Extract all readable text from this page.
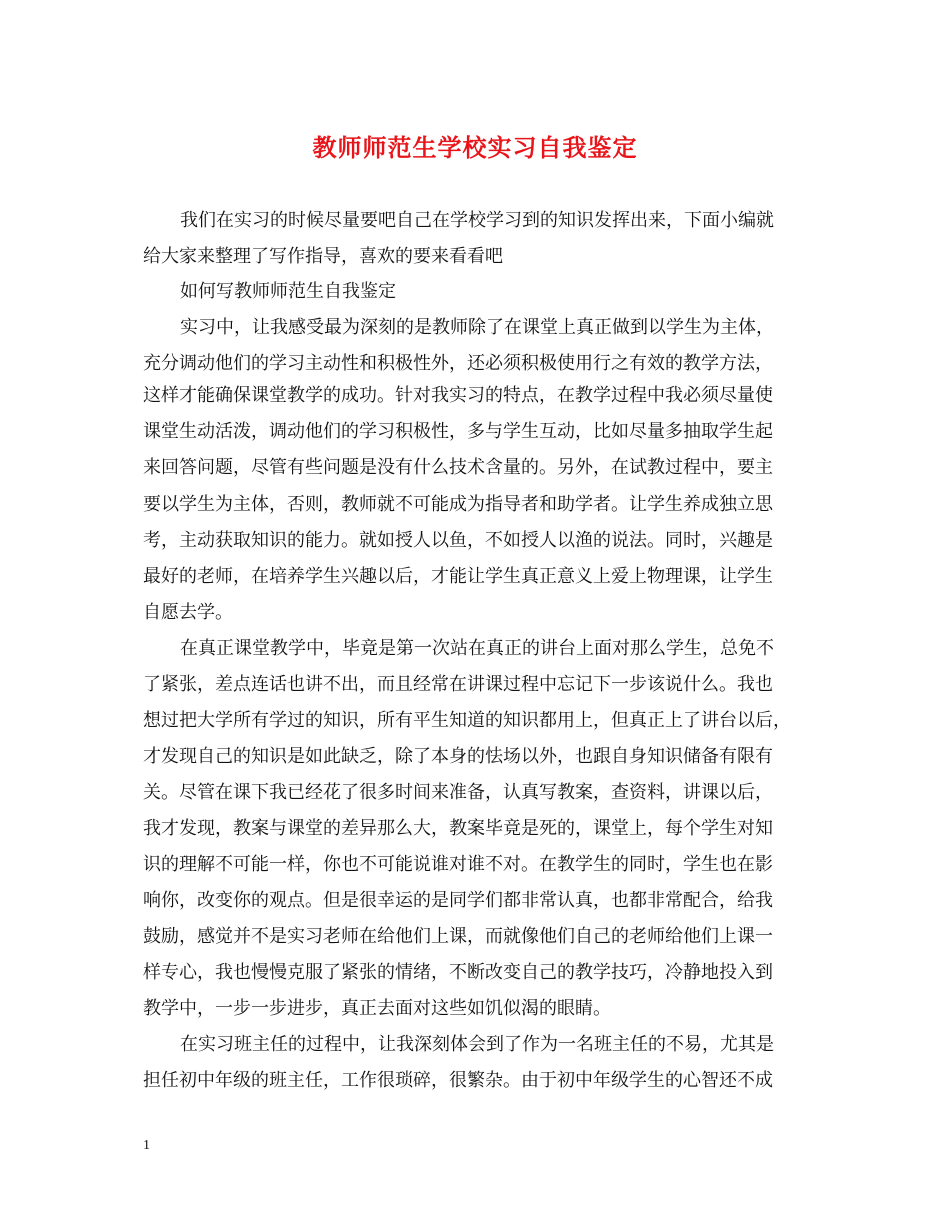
教师师范生学校实习自我鉴定
我们在实习的时候尽量要吧自己在学校学习到的知识发挥出来，下面小编就
给大家来整理了写作指导，喜欢的要来看看吧
如何写教师师范生自我鉴定
实习中，让我感受最为深刻的是教师除了在课堂上真正做到以学生为主体，
充分调动他们的学习主动性和积极性外，还必须积极使用行之有效的教学方法，
这样才能确保课堂教学的成功。针对我实习的特点，在教学过程中我必须尽量使
课堂生动活泼，调动他们的学习积极性，多与学生互动，比如尽量多抽取学生起
来回答问题，尽管有些问题是没有什么技术含量的。另外，在试教过程中，要主
要以学生为主体，否则，教师就不可能成为指导者和助学者。让学生养成独立思
考，主动获取知识的能力。就如授人以鱼，不如授人以渔的说法。同时，兴趣是
最好的老师，在培养学生兴趣以后，才能让学生真正意义上爱上物理课，让学生
自愿去学。
在真正课堂教学中，毕竟是第一次站在真正的讲台上面对那么学生，总免不
了紧张，差点连话也讲不出，而且经常在讲课过程中忘记下一步该说什么。我也
想过把大学所有学过的知识，所有平生知道的知识都用上，但真正上了讲台以后，
才发现自己的知识是如此缺乏，除了本身的怯场以外，也跟自身知识储备有限有
关。尽管在课下我已经花了很多时间来准备，认真写教案，查资料，讲课以后，
我才发现，教案与课堂的差异那么大，教案毕竟是死的，课堂上，每个学生对知
识的理解不可能一样，你也不可能说谁对谁不对。在教学生的同时，学生也在影
响你，改变你的观点。但是很幸运的是同学们都非常认真，也都非常配合，给我
鼓励，感觉并不是实习老师在给他们上课，而就像他们自己的老师给他们上课一
样专心，我也慢慢克服了紧张的情绪，不断改变自己的教学技巧，冷静地投入到
教学中，一步一步进步，真正去面对这些如饥似渴的眼睛。
在实习班主任的过程中，让我深刻体会到了作为一名班主任的不易，尤其是
担任初中年级的班主任，工作很琐碎，很繁杂。由于初中年级学生的心智还不成
1
